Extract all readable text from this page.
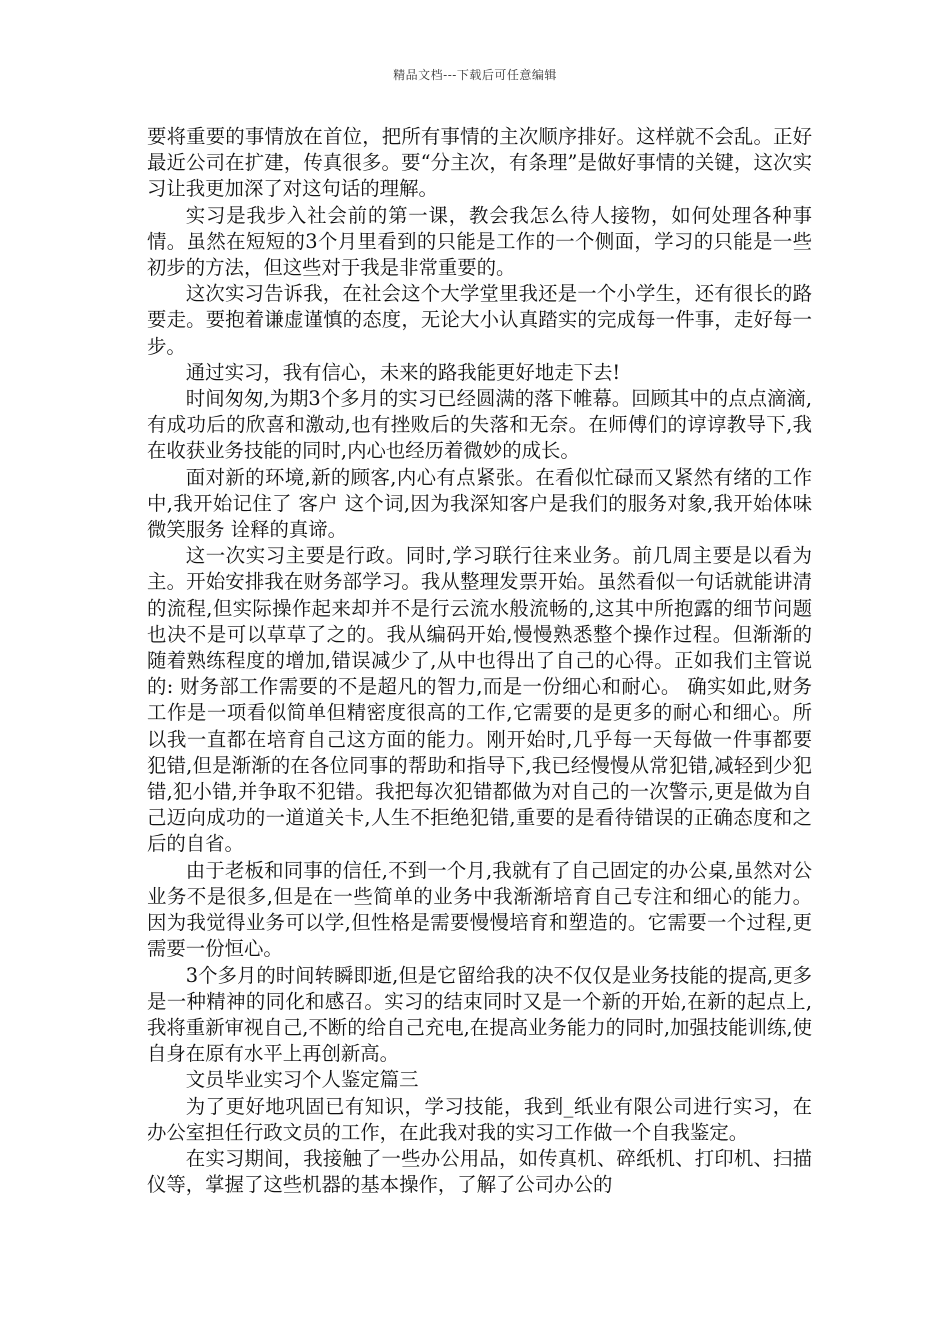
精品文档---下载后可任意编辑

要将重要的事情放在首位，把所有事情的主次顺序排好。这样就不会乱。正好最近公司在扩建，传真很多。要“分主次，有条理”是做好事情的关键，这次实习让我更加深了对这句话的理解。

实习是我步入社会前的第一课，教会我怎么待人接物，如何处理各种事情。虽然在短短的3个月里看到的只能是工作的一个侧面，学习的只能是一些初步的方法，但这些对于我是非常重要的。

这次实习告诉我，在社会这个大学堂里我还是一个小学生，还有很长的路要走。要抱着谦虚谨慎的态度，无论大小认真踏实的完成每一件事，走好每一步。

通过实习，我有信心，未来的路我能更好地走下去!

时间匆匆,为期3个多月的实习已经圆满的落下帷幕。回顾其中的点点滴滴,有成功后的欣喜和激动,也有挫败后的失落和无奈。在师傅们的谆谆教导下,我在收获业务技能的同时,内心也经历着微妙的成长。

面对新的环境,新的顾客,内心有点紧张。在看似忙碌而又紧然有绪的工作中,我开始记住了 客户 这个词,因为我深知客户是我们的服务对象,我开始体味 微笑服务 诠释的真谛。

这一次实习主要是行政。同时,学习联行往来业务。前几周主要是以看为主。开始安排我在财务部学习。我从整理发票开始。虽然看似一句话就能讲清的流程,但实际操作起来却并不是行云流水般流畅的,这其中所抱露的细节问题也决不是可以草草了之的。我从编码开始,慢慢熟悉整个操作过程。但渐渐的随着熟练程度的增加,错误减少了,从中也得出了自己的心得。正如我们主管说的: 财务部工作需要的不是超凡的智力,而是一份细心和耐心。 确实如此,财务工作是一项看似简单但精密度很高的工作,它需要的是更多的耐心和细心。所以我一直都在培育自己这方面的能力。刚开始时,几乎每一天每做一件事都要犯错,但是渐渐的在各位同事的帮助和指导下,我已经慢慢从常犯错,减轻到少犯错,犯小错,并争取不犯错。我把每次犯错都做为对自己的一次警示,更是做为自己迈向成功的一道道关卡,人生不拒绝犯错,重要的是看待错误的正确态度和之后的自省。

由于老板和同事的信任,不到一个月,我就有了自己固定的办公桌,虽然对公业务不是很多,但是在一些简单的业务中我渐渐培育自己专注和细心的能力。因为我觉得业务可以学,但性格是需要慢慢培育和塑造的。它需要一个过程,更需要一份恒心。

3个多月的时间转瞬即逝,但是它留给我的决不仅仅是业务技能的提高,更多是一种精神的同化和感召。实习的结束同时又是一个新的开始,在新的起点上,我将重新审视自己,不断的给自己充电,在提高业务能力的同时,加强技能训练,使自身在原有水平上再创新高。

文员毕业实习个人鉴定篇三

为了更好地巩固已有知识，学习技能，我到_纸业有限公司进行实习，在办公室担任行政文员的工作，在此我对我的实习工作做一个自我鉴定。

在实习期间，我接触了一些办公用品，如传真机、碎纸机、打印机、扫描仪等，掌握了这些机器的基本操作，了解了公司办公的
